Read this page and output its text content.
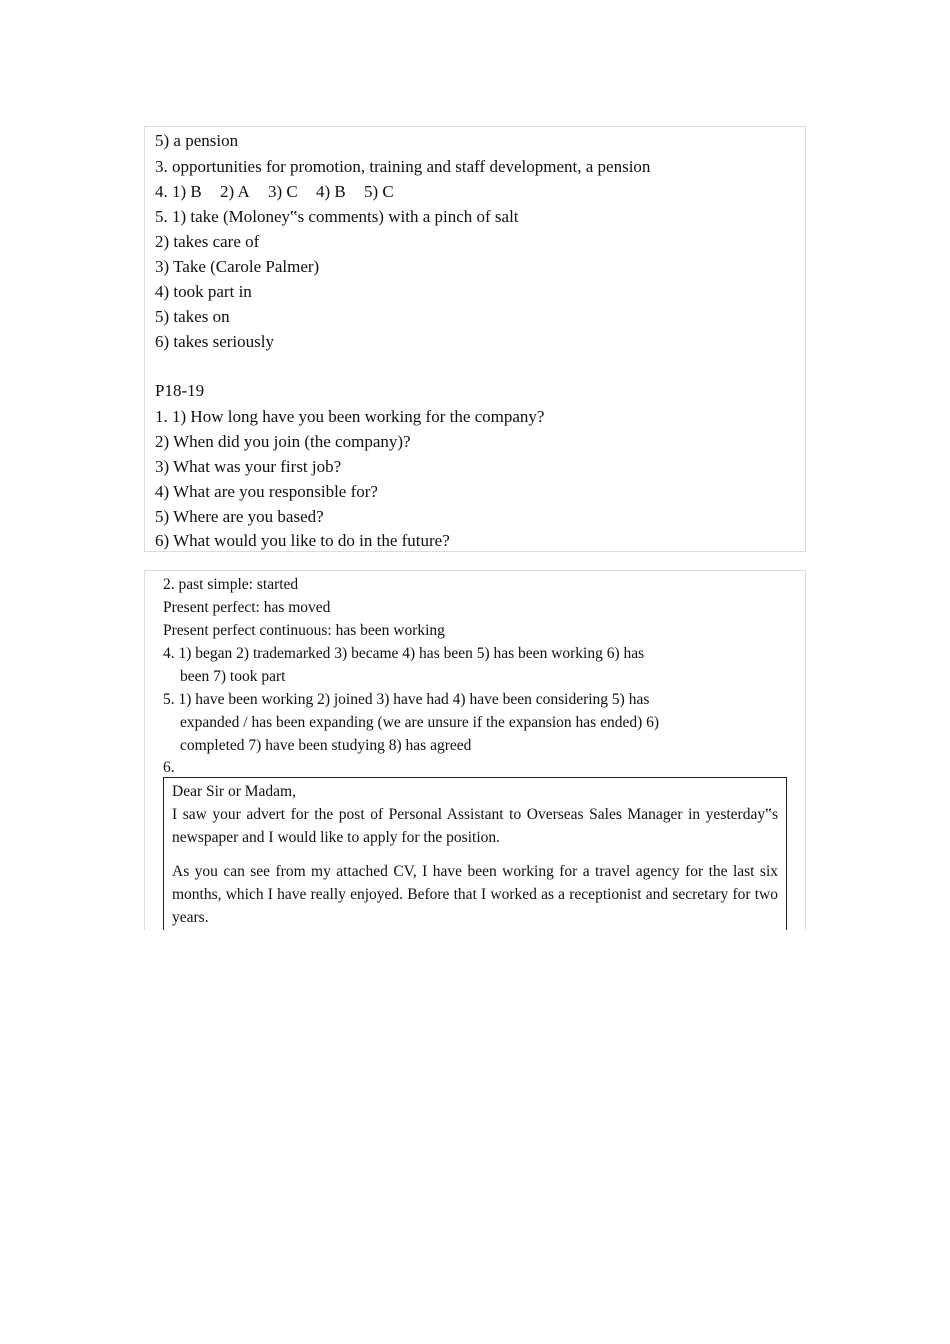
5) a pension
3. opportunities for promotion, training and staff development, a pension
4. 1) B 2) A 3) C 4) B 5) C
5. 1) take (Moloney‟s comments) with a pinch of salt
2) takes care of
3) Take (Carole Palmer)
4) took part in
5) takes on
6) takes seriously
P18-19
1. 1) How long have you been working for the company?
2) When did you join (the company)?
3) What was your first job?
4) What are you responsible for?
5) Where are you based?
6) What would you like to do in the future?
2. past simple: started
Present perfect: has moved
Present perfect continuous: has been working
4. 1) began 2) trademarked 3) became 4) has been 5) has been working 6) has
been 7) took part
5. 1) have been working 2) joined 3) have had 4) have been considering 5) has
expanded / has been expanding (we are unsure if the expansion has ended) 6)
completed 7) have been studying 8) has agreed
6.

Dear Sir or Madam,

I saw your advert for the post of Personal Assistant to Overseas Sales Manager in yesterday‟s newspaper and I would like to apply for the position.

As you can see from my attached CV, I have been working for a travel agency for the last six months, which I have really enjoyed. Before that I worked as a receptionist and secretary for two years.
